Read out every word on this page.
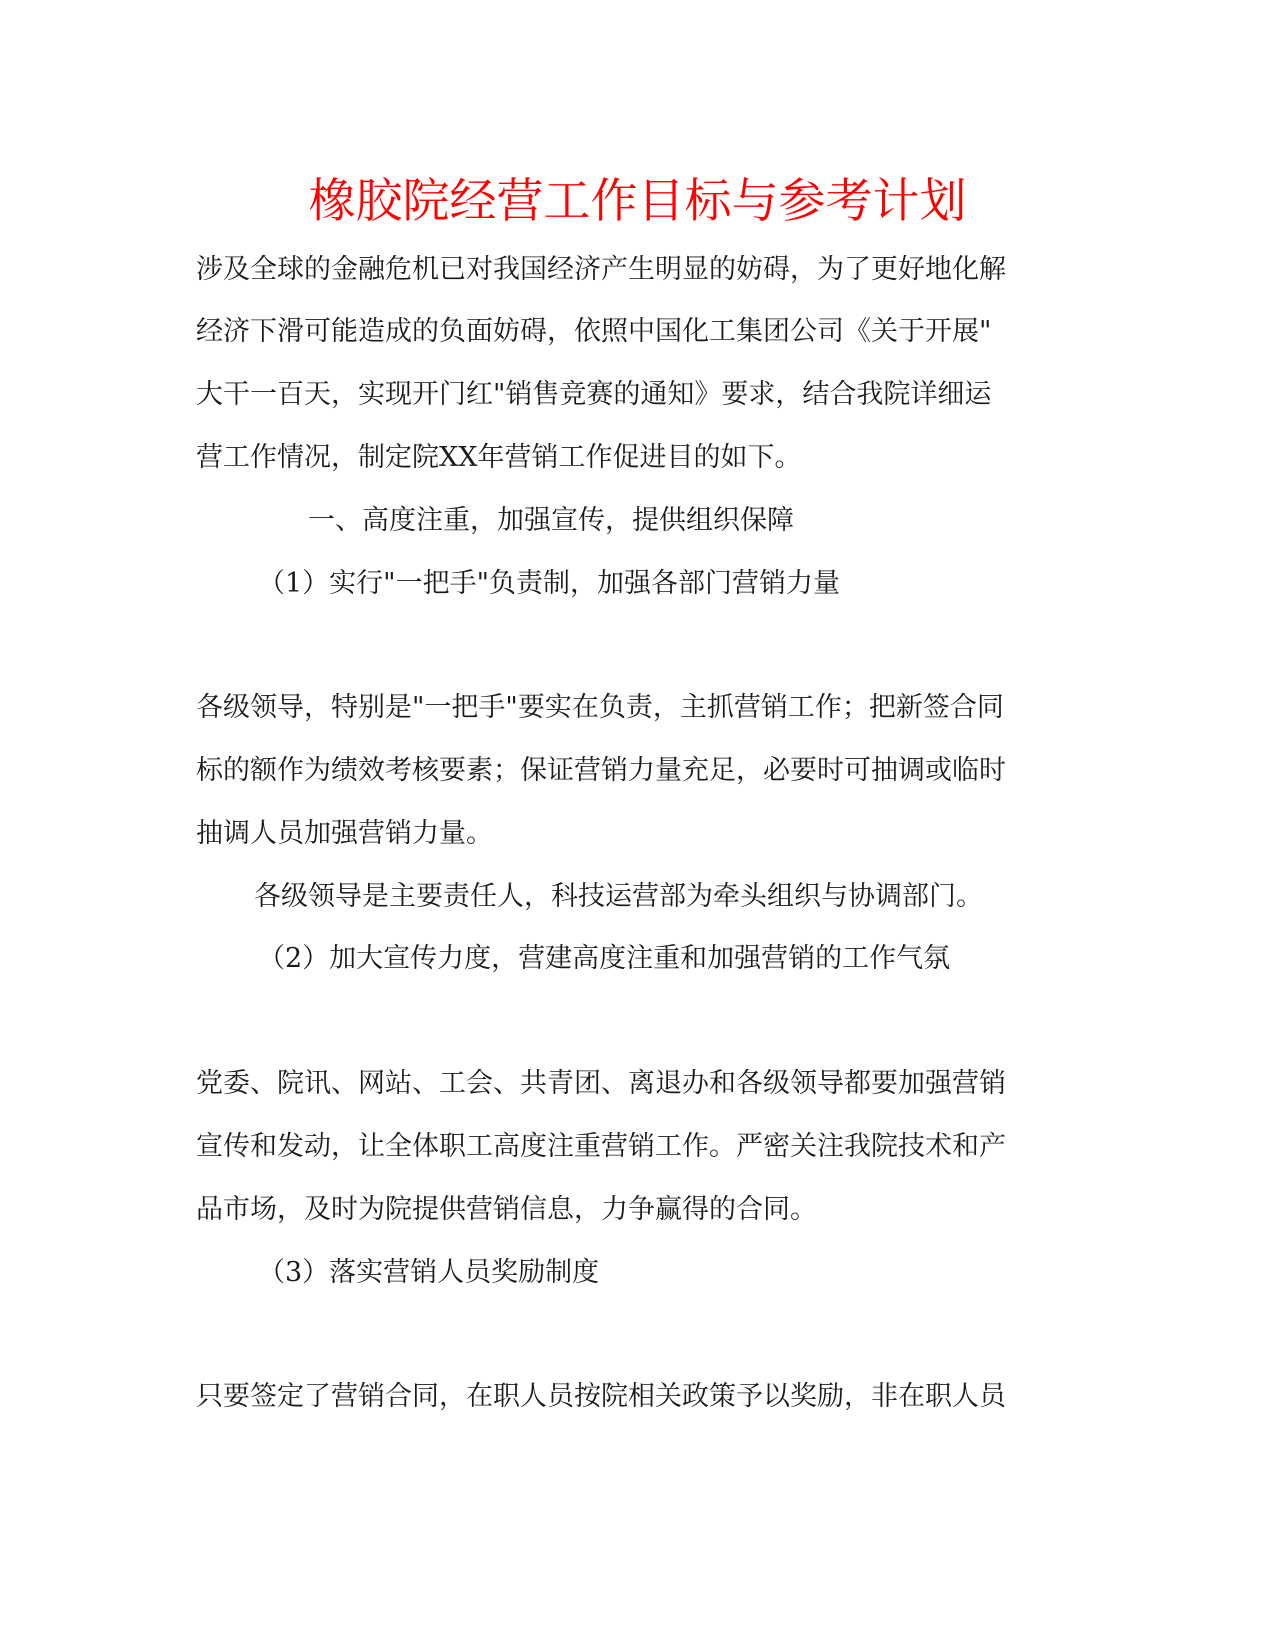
橡胶院经营工作目标与参考计划
涉及全球的金融危机已对我国经济产生明显的妨碍，为了更好地化解
经济下滑可能造成的负面妨碍，依照中国化工集团公司《关于开展"
大干一百天，实现开门红"销售竞赛的通知》要求，结合我院详细运
营工作情况，制定院XX年营销工作促进目的如下。
一、高度注重，加强宣传，提供组织保障
（1）实行"一把手"负责制，加强各部门营销力量
各级领导，特别是"一把手"要实在负责，主抓营销工作；把新签合同
标的额作为绩效考核要素；保证营销力量充足，必要时可抽调或临时
抽调人员加强营销力量。
各级领导是主要责任人，科技运营部为牵头组织与协调部门。
（2）加大宣传力度，营建高度注重和加强营销的工作气氛
党委、院讯、网站、工会、共青团、离退办和各级领导都要加强营销
宣传和发动，让全体职工高度注重营销工作。严密关注我院技术和产
品市场，及时为院提供营销信息，力争赢得的合同。
（3）落实营销人员奖励制度
只要签定了营销合同，在职人员按院相关政策予以奖励，非在职人员
